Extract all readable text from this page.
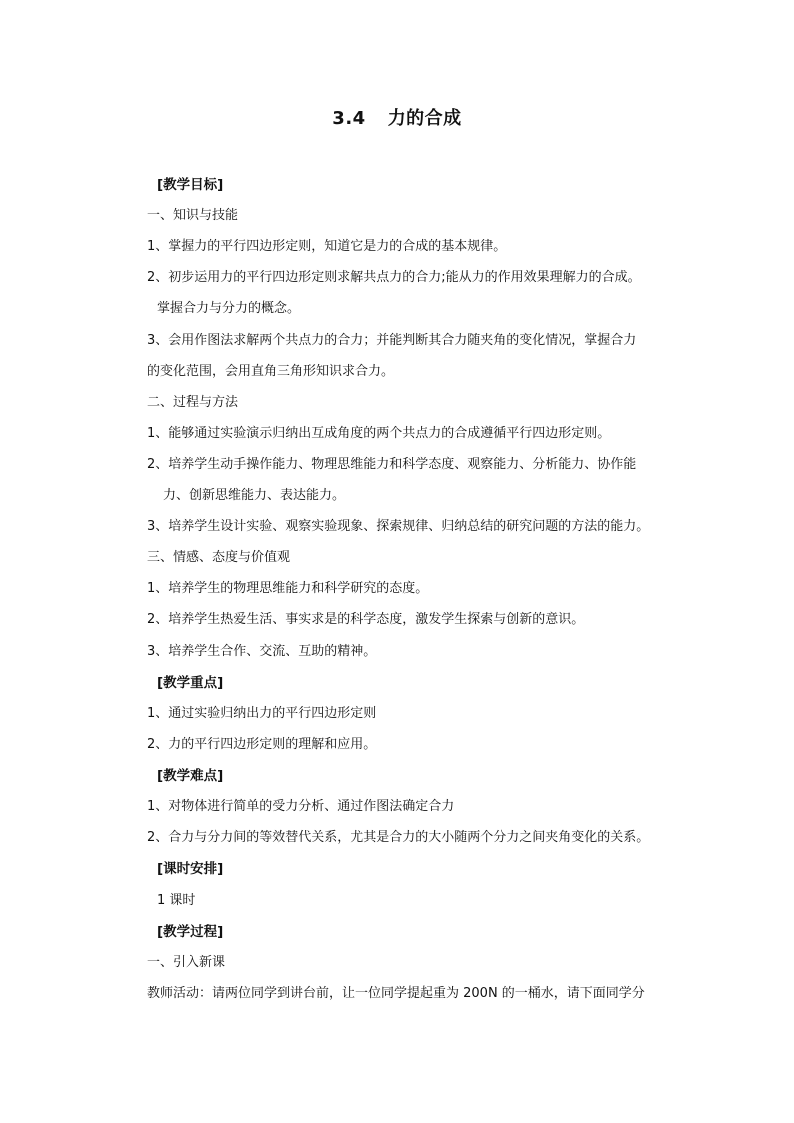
3.4 力的合成
[教学目标]
一、知识与技能
1、掌握力的平行四边形定则，知道它是力的合成的基本规律。
2、初步运用力的平行四边形定则求解共点力的合力;能从力的作用效果理解力的合成。
掌握合力与分力的概念。
3、会用作图法求解两个共点力的合力；并能判断其合力随夹角的变化情况，掌握合力
的变化范围，会用直角三角形知识求合力。
二、过程与方法
1、能够通过实验演示归纳出互成角度的两个共点力的合成遵循平行四边形定则。
2、培养学生动手操作能力、物理思维能力和科学态度、观察能力、分析能力、协作能
力、创新思维能力、表达能力。
3、培养学生设计实验、观察实验现象、探索规律、归纳总结的研究问题的方法的能力。
三、情感、态度与价值观
1、培养学生的物理思维能力和科学研究的态度。
2、培养学生热爱生活、事实求是的科学态度，激发学生探索与创新的意识。
3、培养学生合作、交流、互助的精神。
[教学重点]
1、通过实验归纳出力的平行四边形定则
2、力的平行四边形定则的理解和应用。
[教学难点]
1、对物体进行简单的受力分析、通过作图法确定合力
2、合力与分力间的等效替代关系，尤其是合力的大小随两个分力之间夹角变化的关系。
[课时安排]
1 课时
[教学过程]
一、引入新课
教师活动：请两位同学到讲台前，让一位同学提起重为 200N 的一桶水，请下面同学分
